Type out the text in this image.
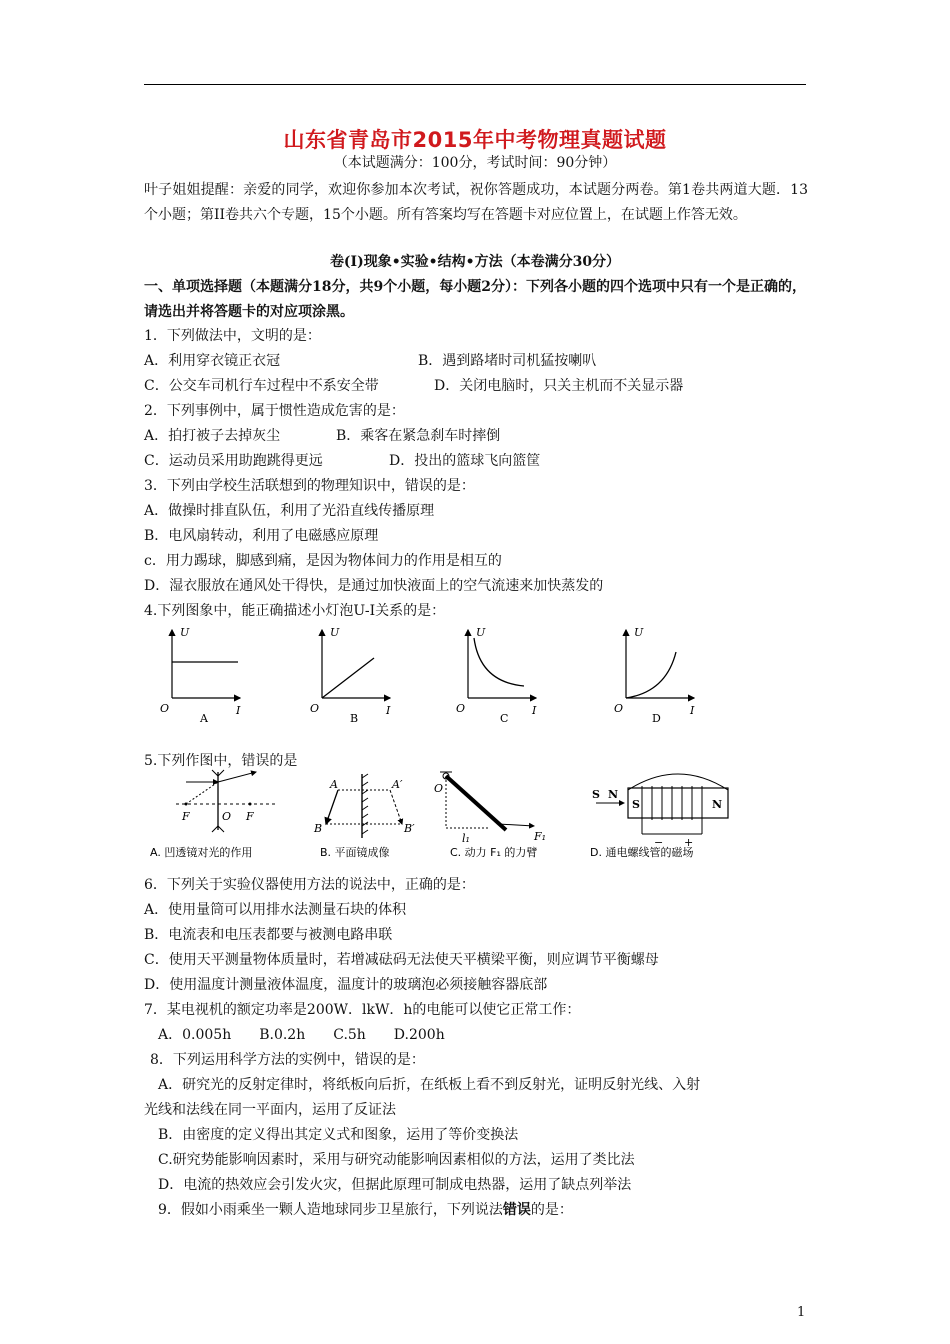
山东省青岛市2015年中考物理真题试题
（本试题满分：100分，考试时间：90分钟）
叶子姐姐提醒：亲爱的同学，欢迎你参加本次考试，祝你答题成功，本试题分两卷。第1卷共两道大题．13个小题；第II卷共六个专题，15个小题。所有答案均写在答题卡对应位置上，在试题上作答无效。
卷(I)现象•实验•结构•方法（本卷满分30分）
一、单项选择题（本题满分18分，共9个小题，每小题2分）：下列各小题的四个选项中只有一个是正确的，请选出并将答题卡的对应项涂黑。
1．下列做法中，文明的是：
A．利用穿衣镜正衣冠	B．遇到路堵时司机猛按喇叭
C．公交车司机行车过程中不系安全带	D．关闭电脑时，只关主机而不关显示器
2．下列事例中，属于惯性造成危害的是：
A．拍打被子去掉灰尘	B．乘客在紧急刹车时摔倒
C．运动员采用助跑跳得更远	D．投出的篮球飞向篮筐
3．下列由学校生活联想到的物理知识中，错误的是：
A．做操时排直队伍，利用了光沿直线传播原理
B．电风扇转动，利用了电磁感应原理
c．用力踢球，脚感到痛，是因为物体间力的作用是相互的
D．湿衣服放在通风处干得快，是通过加快液面上的空气流速来加快蒸发的
4.下列图象中，能正确描述小灯泡U-I关系的是：
U
I
O
A
U
I
O
B
U
I
O
C
U
I
O
D
5.下列作图中，错误的是
F	O F
A	A′
B	B′
O
l₁	F₁
S N
S	N
− +
A. 凹透镜对光的作用	B. 平面镜成像	C. 动力 F₁ 的力臂	D. 通电螺线管的磁场
6．下列关于实验仪器使用方法的说法中，正确的是：
A．使用量筒可以用排水法测量石块的体积
B．电流表和电压表都要与被测电路串联
C．使用天平测量物体质量时，若增减砝码无法使天平横梁平衡，则应调节平衡螺母
D．使用温度计测量液体温度，温度计的玻璃泡必须接触容器底部
7．某电视机的额定功率是200W．lkW．h的电能可以使它正常工作：
A．0.005h　　B.0.2h　　C.5h　　D.200h
8．下列运用科学方法的实例中，错误的是：
A．研究光的反射定律时，将纸板向后折，在纸板上看不到反射光，证明反射光线、入射
光线和法线在同一平面内，运用了反证法
B．由密度的定义得出其定义式和图象，运用了等价变换法
C.研究势能影响因素时，采用与研究动能影响因素相似的方法，运用了类比法
D．电流的热效应会引发火灾，但据此原理可制成电热器，运用了缺点列举法
9．假如小雨乘坐一颗人造地球同步卫星旅行，下列说法错误的是：
1
